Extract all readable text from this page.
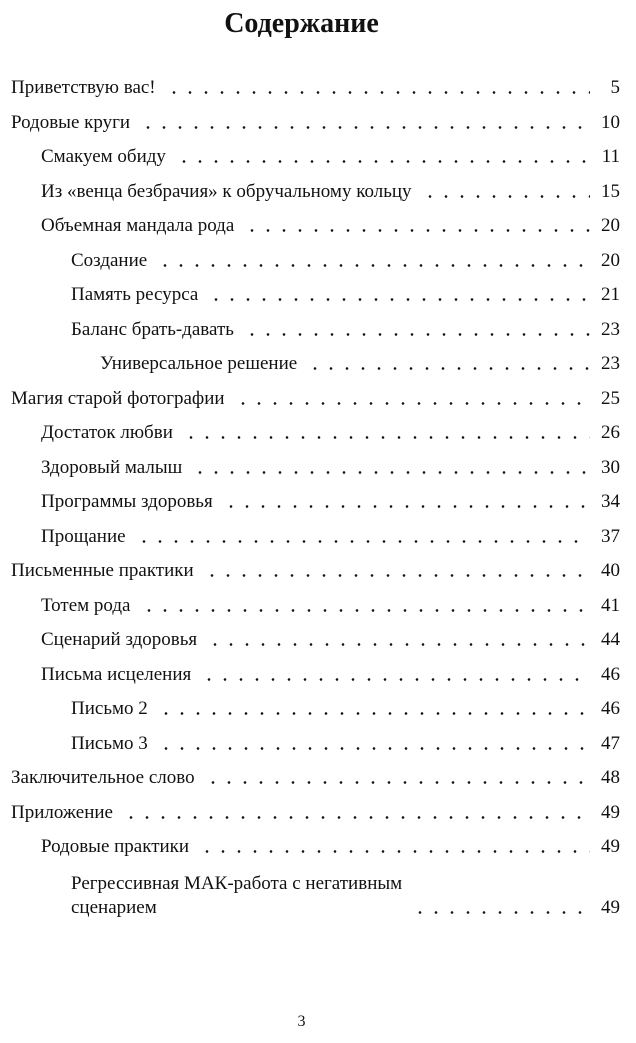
Содержание
Приветствую вас!	5
Родовые круги	10
Смакуем обиду	11
Из «венца безбрачия» к обручальному кольцу	15
Объемная мандала рода	20
Создание	20
Память ресурса	21
Баланс брать-давать	23
Универсальное решение	23
Магия старой фотографии	25
Достаток любви	26
Здоровый малыш	30
Программы здоровья	34
Прощание	37
Письменные практики	40
Тотем рода	41
Сценарий здоровья	44
Письма исцеления	46
Письмо 2	46
Письмо 3	47
Заключительное слово	48
Приложение	49
Родовые практики	49
Регрессивная МАК-работа с негативным
сценарием	49
3
